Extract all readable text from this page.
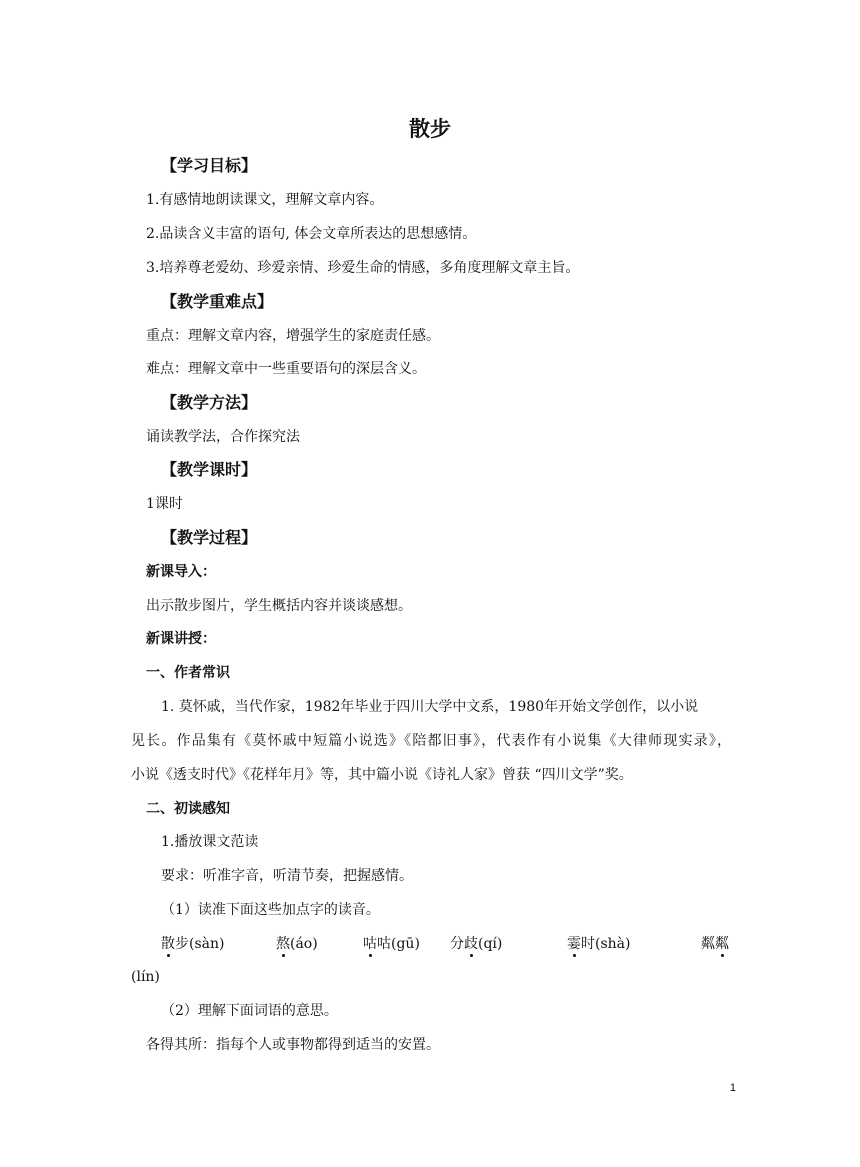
散步
【学习目标】
1.有感情地朗读课文，理解文章内容。
2.品读含义丰富的语句, 体会文章所表达的思想感情。
3.培养尊老爱幼、珍爱亲情、珍爱生命的情感，多角度理解文章主旨。
【教学重难点】
重点：理解文章内容，增强学生的家庭责任感。
难点：理解文章中一些重要语句的深层含义。
【教学方法】
诵读教学法，合作探究法
【教学课时】
1课时
【教学过程】
新课导入：
出示散步图片，学生概括内容并谈谈感想。
新课讲授：
一、作者常识
1. 莫怀戚，当代作家，1982年毕业于四川大学中文系，1980年开始文学创作，以小说
见长。作品集有《莫怀戚中短篇小说选》《陪都旧事》，代表作有小说集《大律师现实录》，
小说《透支时代》《花样年月》等，其中篇小说《诗礼人家》曾获 “四川文学”奖。
二、初读感知
1.播放课文范读
要求：听准字音，听清节奏，把握感情。
（1）读准下面这些加点字的读音。
散步(sàn)	熬(áo)	咕咕(gū) 分歧(qí)	霎时(shà)	粼粼
(lín)
（2）理解下面词语的意思。
各得其所：指每个人或事物都得到适当的安置。
1
